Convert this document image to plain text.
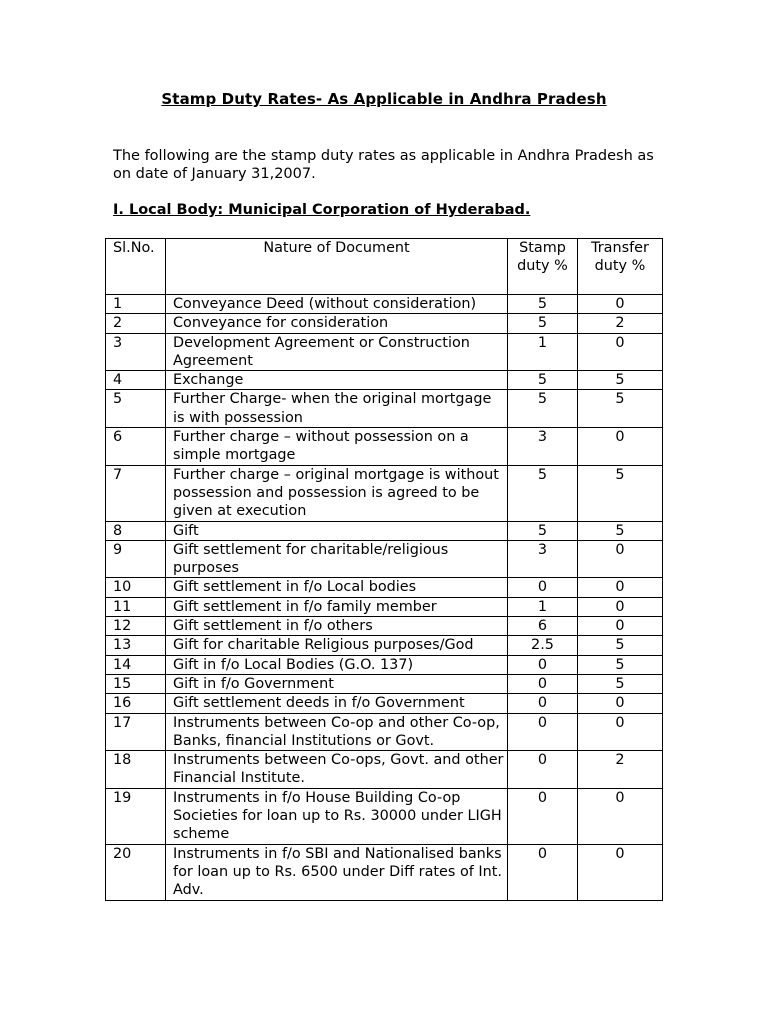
Stamp Duty Rates- As Applicable in Andhra Pradesh
The following are the stamp duty rates as applicable in Andhra Pradesh as on date of January 31,2007.
I. Local Body: Municipal Corporation of Hyderabad.
Sl.No.	Nature of Document	Stamp duty %	Transfer duty %
1	Conveyance Deed (without consideration)	5	0
2	Conveyance for consideration	5	2
3	Development Agreement or Construction Agreement	1	0
4	Exchange	5	5
5	Further Charge- when the original mortgage is with possession	5	5
6	Further charge – without possession on a simple mortgage	3	0
7	Further charge – original mortgage is without possession and possession is agreed to be given at execution	5	5
8	Gift	5	5
9	Gift settlement for charitable/religious purposes	3	0
10	Gift settlement in f/o Local bodies	0	0
11	Gift settlement in f/o family member	1	0
12	Gift settlement in f/o others	6	0
13	Gift for charitable Religious purposes/God	2.5	5
14	Gift in f/o Local Bodies (G.O. 137)	0	5
15	Gift in f/o Government	0	5
16	Gift settlement deeds in f/o Government	0	0
17	Instruments between Co-op and other Co-op, Banks, financial Institutions or Govt.	0	0
18	Instruments between Co-ops, Govt. and other Financial Institute.	0	2
19	Instruments in f/o House Building Co-op Societies for loan up to Rs. 30000 under LIGH scheme	0	0
20	Instruments in f/o SBI and Nationalised banks for loan up to Rs. 6500 under Diff rates of Int. Adv.	0	0
